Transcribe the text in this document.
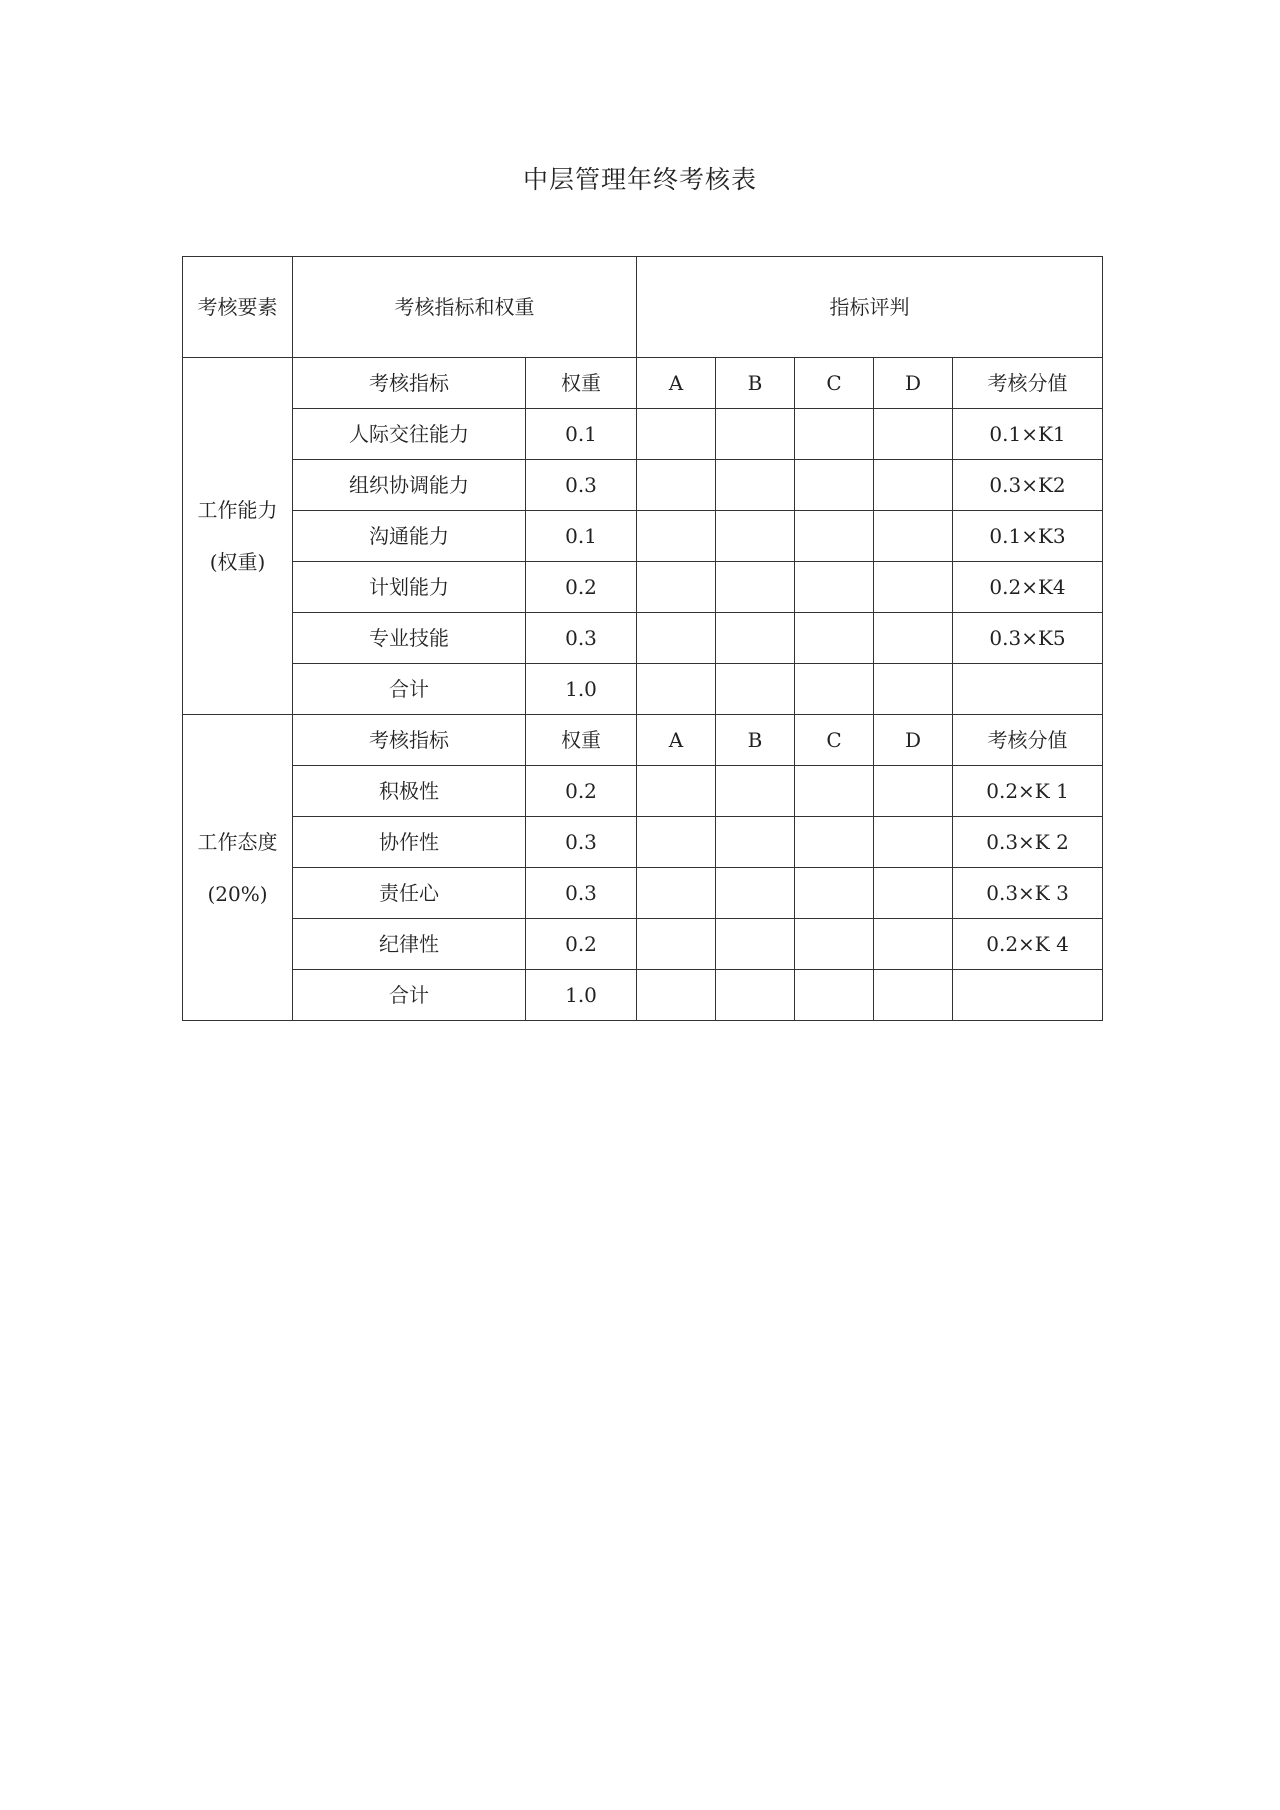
中层管理年终考核表
考核要素	考核指标和权重		指标评判				
工作能力(权重)	考核指标	权重	A	B	C	D	考核分值
	人际交往能力	0.1					0.1×K1
	组织协调能力	0.3					0.3×K2
	沟通能力	0.1					0.1×K3
	计划能力	0.2					0.2×K4
	专业技能	0.3					0.3×K5
	合计	1.0					
工作态度(20%)	考核指标	权重	A	B	C	D	考核分值
	积极性	0.2					0.2×K 1
	协作性	0.3					0.3×K 2
	责任心	0.3					0.3×K 3
	纪律性	0.2					0.2×K 4
	合计	1.0					
